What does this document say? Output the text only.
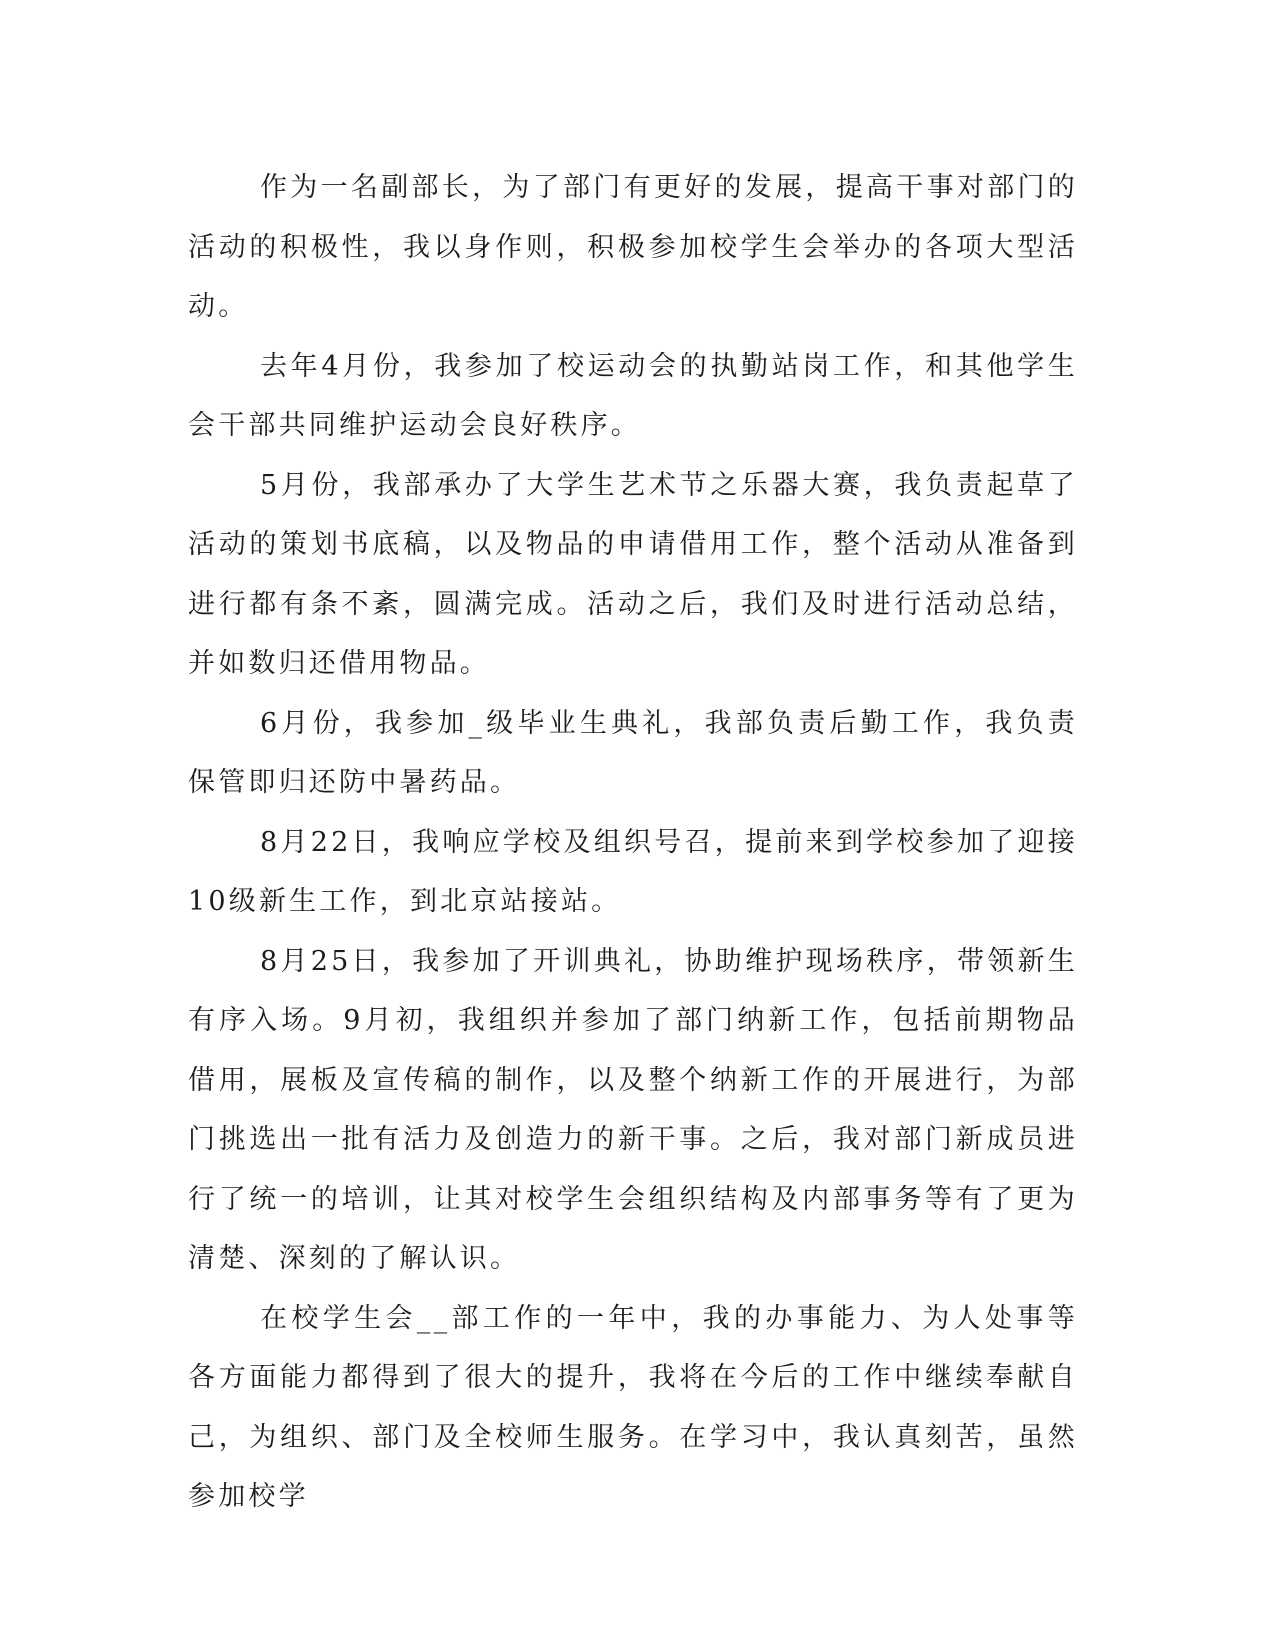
作为一名副部长，为了部门有更好的发展，提高干事对部门的活动的积极性，我以身作则，积极参加校学生会举办的各项大型活动。

去年4月份，我参加了校运动会的执勤站岗工作，和其他学生会干部共同维护运动会良好秩序。

5月份，我部承办了大学生艺术节之乐器大赛，我负责起草了活动的策划书底稿，以及物品的申请借用工作，整个活动从准备到进行都有条不紊，圆满完成。活动之后，我们及时进行活动总结，并如数归还借用物品。

6月份，我参加_级毕业生典礼，我部负责后勤工作，我负责保管即归还防中暑药品。

8月22日，我响应学校及组织号召，提前来到学校参加了迎接10级新生工作，到北京站接站。

8月25日，我参加了开训典礼，协助维护现场秩序，带领新生有序入场。9月初，我组织并参加了部门纳新工作，包括前期物品借用，展板及宣传稿的制作，以及整个纳新工作的开展进行，为部门挑选出一批有活力及创造力的新干事。之后，我对部门新成员进行了统一的培训，让其对校学生会组织结构及内部事务等有了更为清楚、深刻的了解认识。

在校学生会__部工作的一年中，我的办事能力、为人处事等各方面能力都得到了很大的提升，我将在今后的工作中继续奉献自己，为组织、部门及全校师生服务。在学习中，我认真刻苦，虽然参加校学
